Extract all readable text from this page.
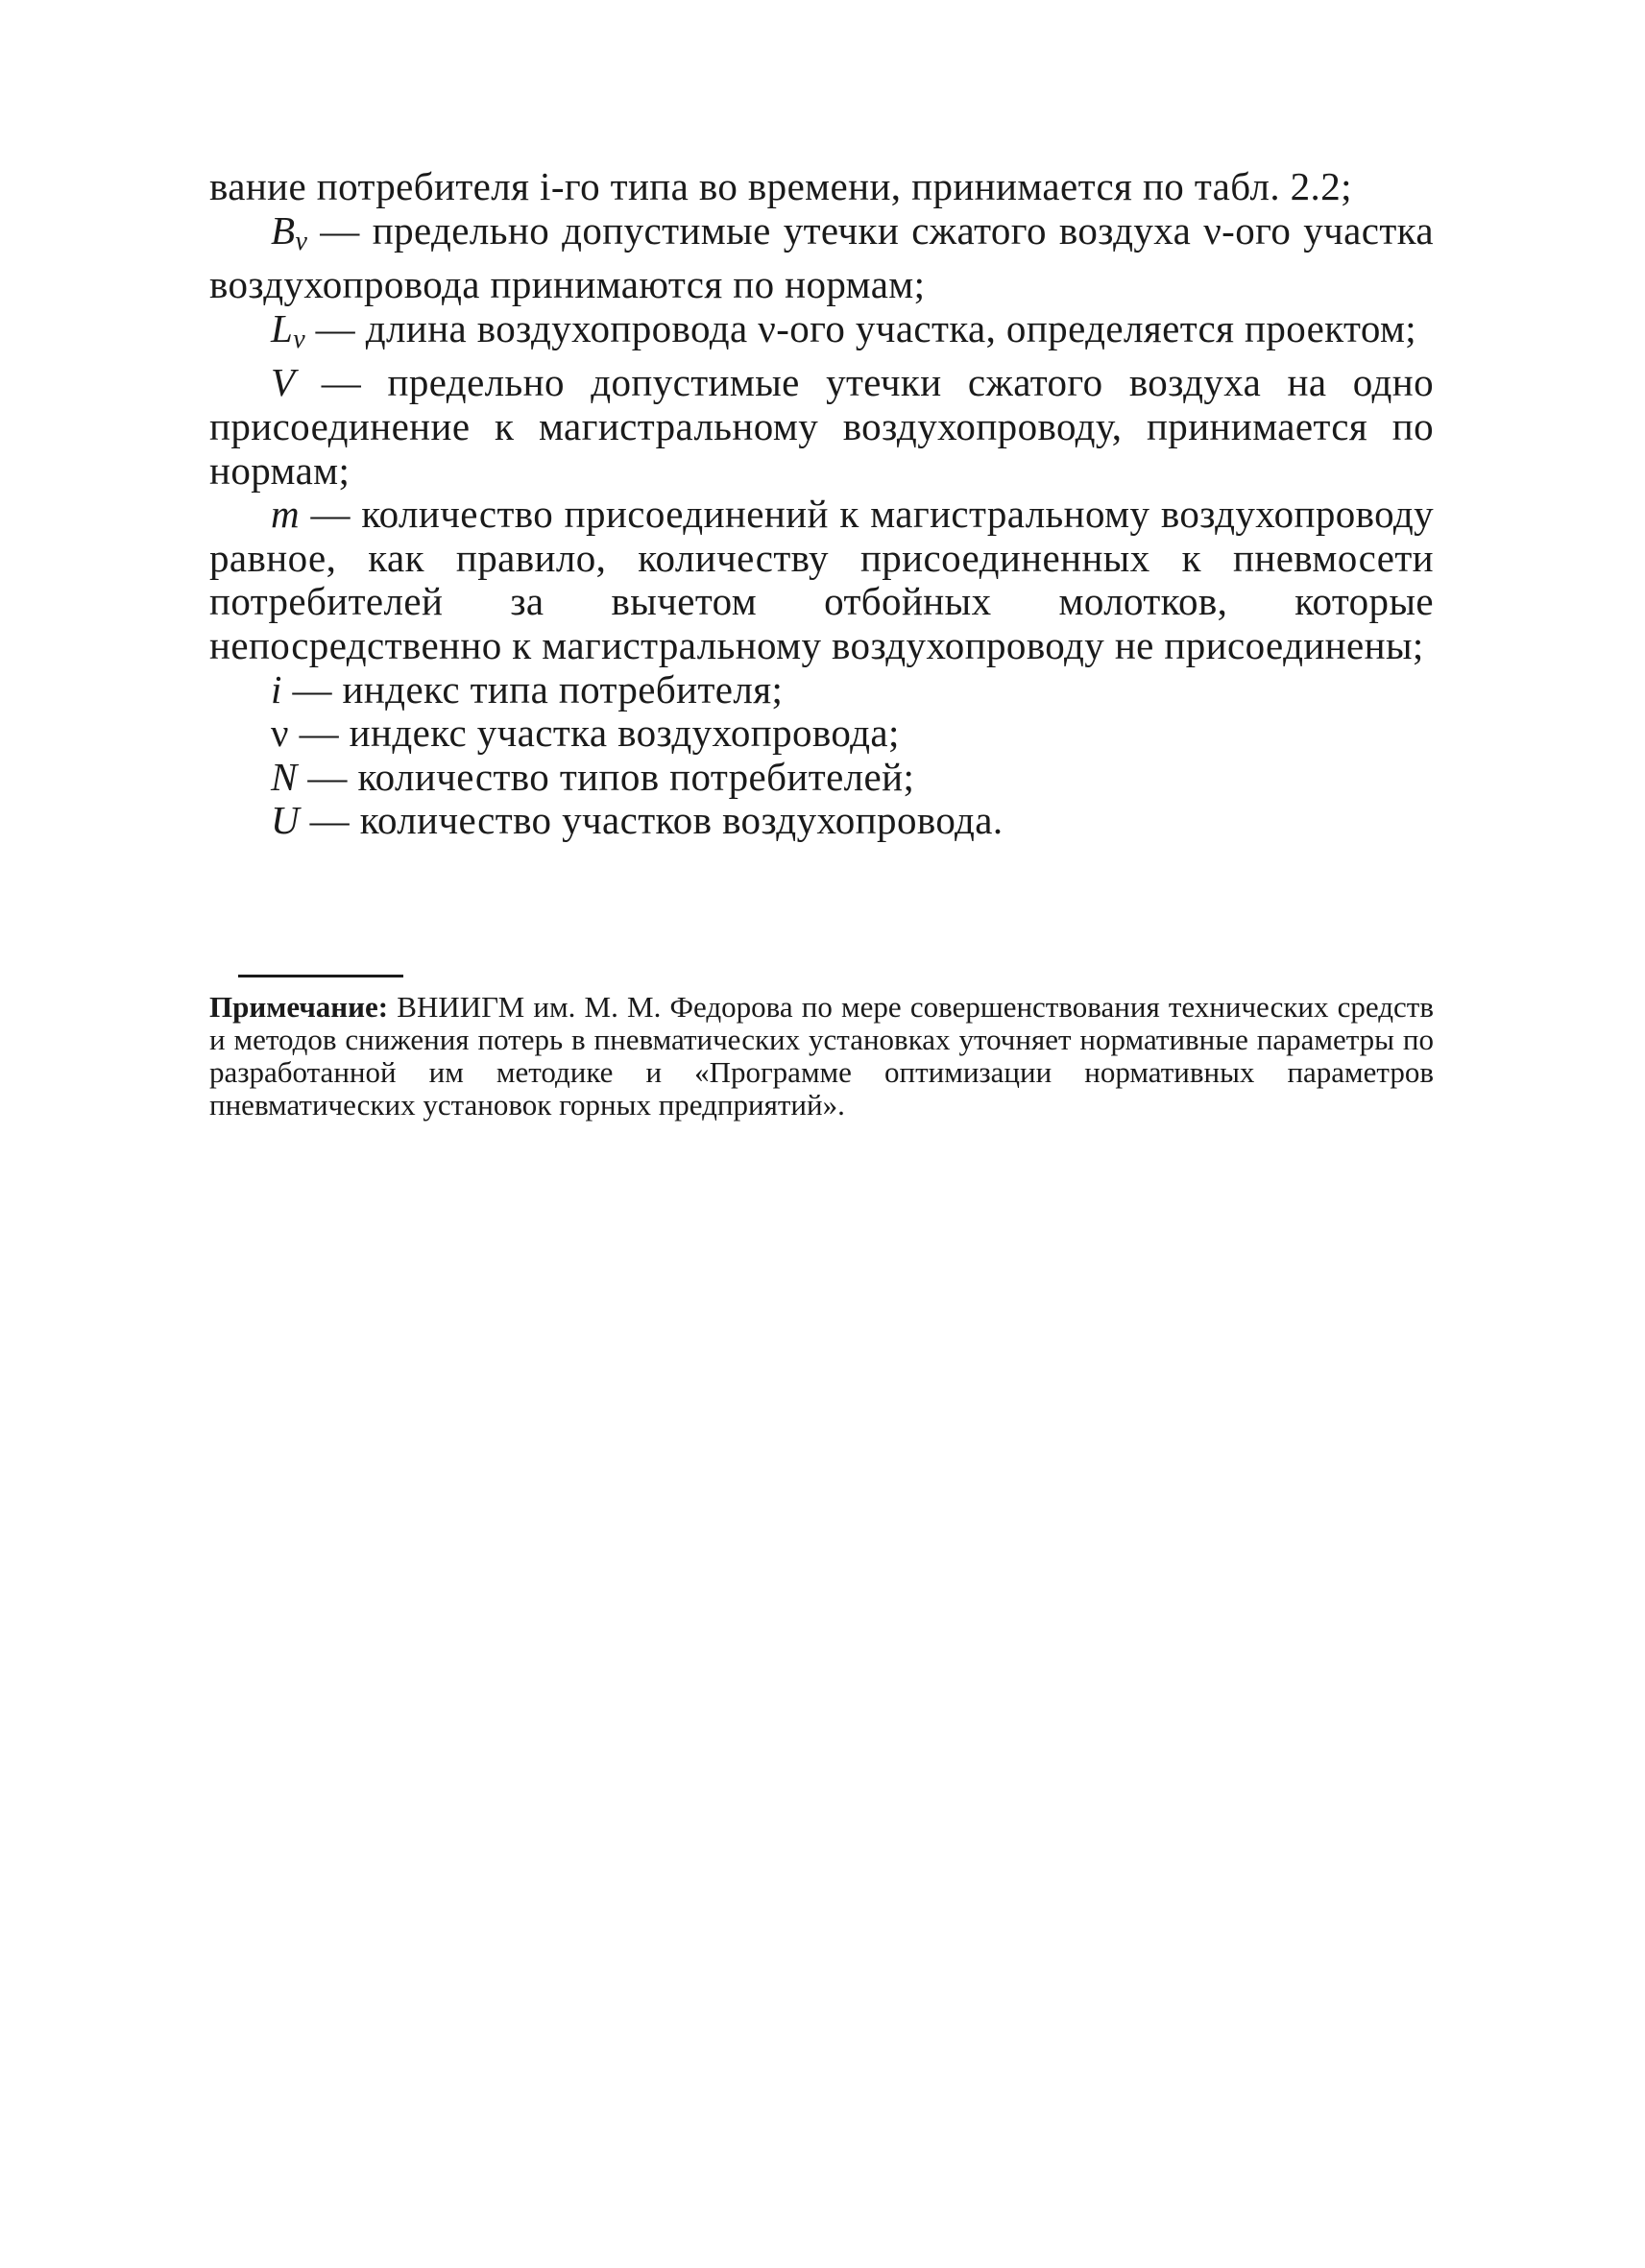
вание потребителя i-го типа во времени, принимается по табл. 2.2;

$B_\nu$ — предельно допустимые утечки сжатого воздуха ν-ого участка воздухопровода принимаются по нормам;

$L_\nu$ — длина воздухопровода ν-ого участка, определяется проектом;

V — предельно допустимые утечки сжатого воздуха на одно присоединение к магистральному воздухопроводу, принимается по нормам;

m — количество присоединений к магистральному воздухопроводу равное, как правило, количеству присоединенных к пневмосети потребителей за вычетом отбойных молотков, которые непосредственно к магистральному воздухопроводу не присоединены;

i — индекс типа потребителя;

ν — индекс участка воздухопровода;

N — количество типов потребителей;

U — количество участков воздухопровода.

Примечание: ВНИИГМ им. М. М. Федорова по мере совершенствования технических средств и методов снижения потерь в пневматических установках уточняет нормативные параметры по разработанной им методике и «Программе оптимизации нормативных параметров пневматических установок горных предприятий».
